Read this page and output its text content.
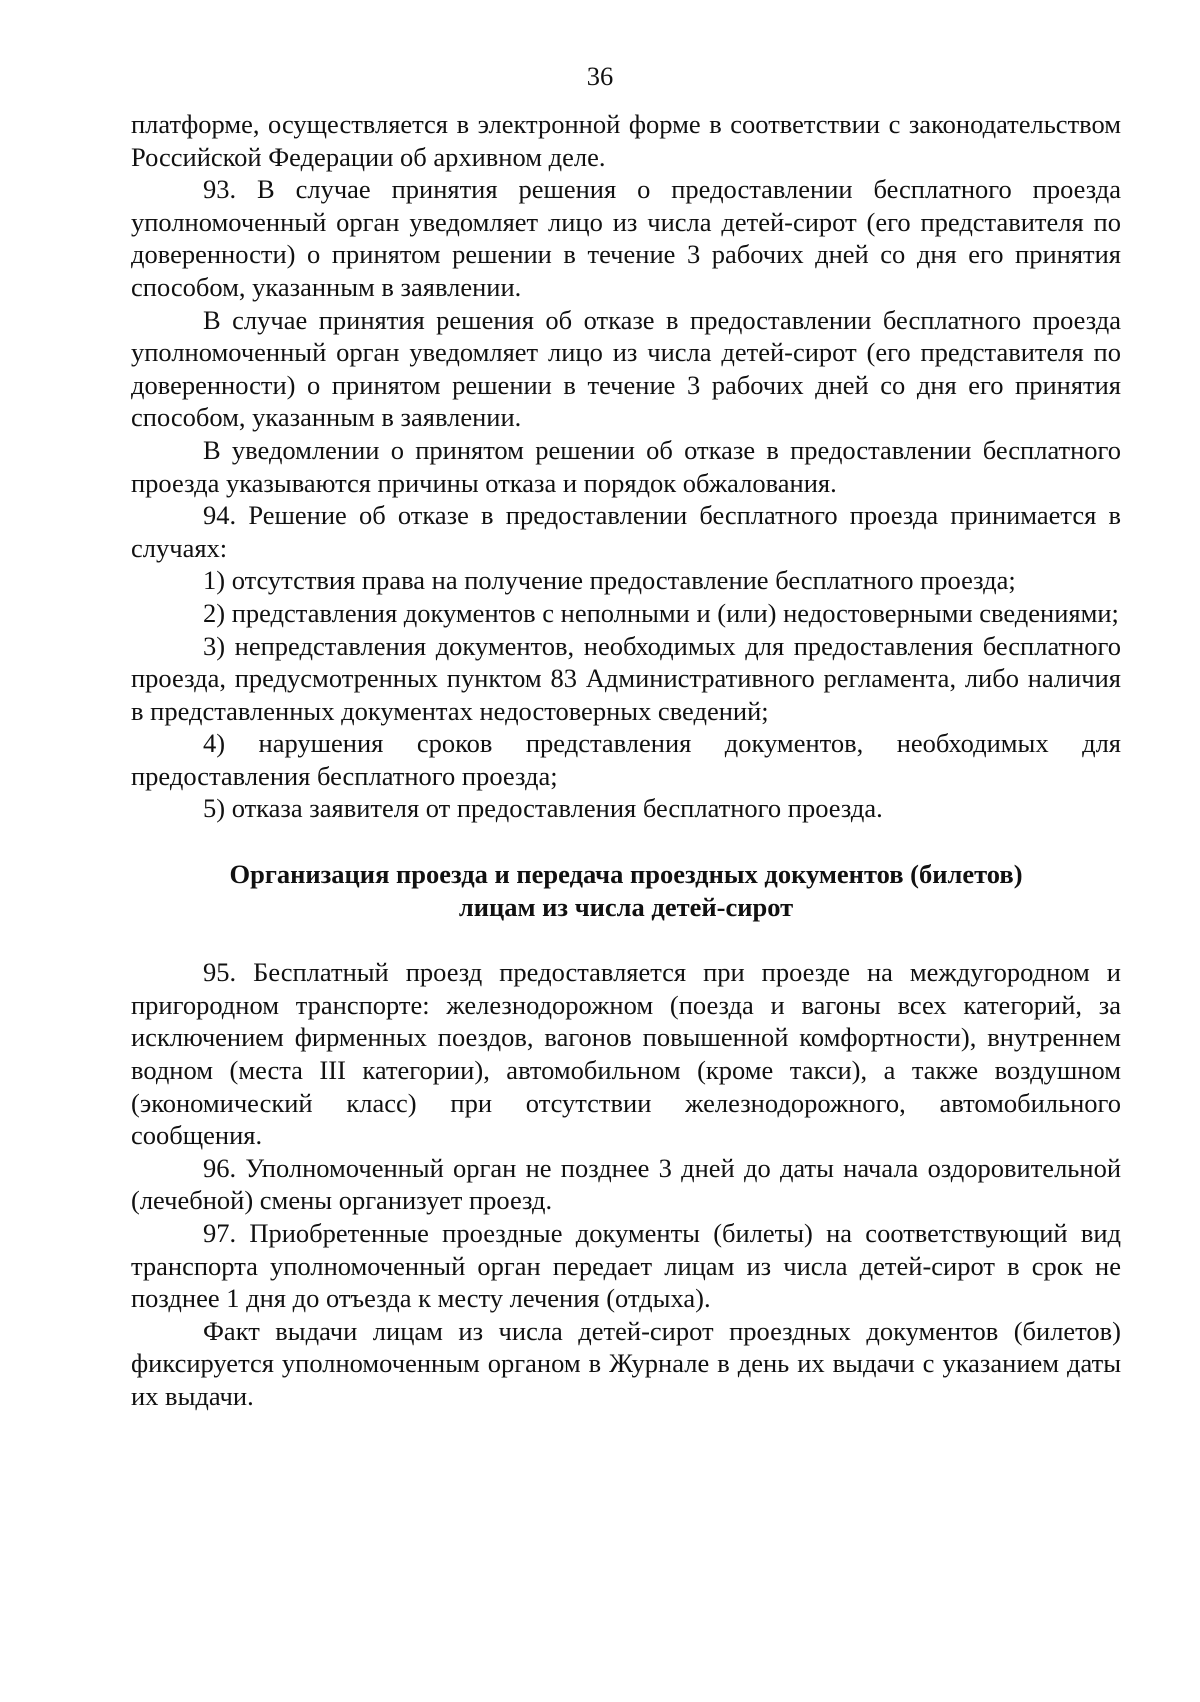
36

платформе, осуществляется в электронной форме в соответствии с законодательством Российской Федерации об архивном деле.

93. В случае принятия решения о предоставлении бесплатного проезда уполномоченный орган уведомляет лицо из числа детей-сирот (его представителя по доверенности) о принятом решении в течение 3 рабочих дней со дня его принятия способом, указанным в заявлении.

В случае принятия решения об отказе в предоставлении бесплатного проезда уполномоченный орган уведомляет лицо из числа детей-сирот (его представителя по доверенности) о принятом решении в течение 3 рабочих дней со дня его принятия способом, указанным в заявлении.

В уведомлении о принятом решении об отказе в предоставлении бесплатного проезда указываются причины отказа и порядок обжалования.

94. Решение об отказе в предоставлении бесплатного проезда принимается в случаях:

1) отсутствия права на получение предоставление бесплатного проезда;

2) представления документов с неполными и (или) недостоверными сведениями;

3) непредставления документов, необходимых для предоставления бесплатного проезда, предусмотренных пунктом 83 Административного регламента, либо наличия в представленных документах недостоверных сведений;

4) нарушения сроков представления документов, необходимых для предоставления бесплатного проезда;

5) отказа заявителя от предоставления бесплатного проезда.

Организация проезда и передача проездных документов (билетов)
лицам из числа детей-сирот

95. Бесплатный проезд предоставляется при проезде на междугородном и пригородном транспорте: железнодорожном (поезда и вагоны всех категорий, за исключением фирменных поездов, вагонов повышенной комфортности), внутреннем водном (места III категории), автомобильном (кроме такси), а также воздушном (экономический класс) при отсутствии железнодорожного, автомобильного сообщения.

96. Уполномоченный орган не позднее 3 дней до даты начала оздоровительной (лечебной) смены организует проезд.

97. Приобретенные проездные документы (билеты) на соответствующий вид транспорта уполномоченный орган передает лицам из числа детей-сирот в срок не позднее 1 дня до отъезда к месту лечения (отдыха).

Факт выдачи лицам из числа детей-сирот проездных документов (билетов) фиксируется уполномоченным органом в Журнале в день их выдачи с указанием даты их выдачи.
